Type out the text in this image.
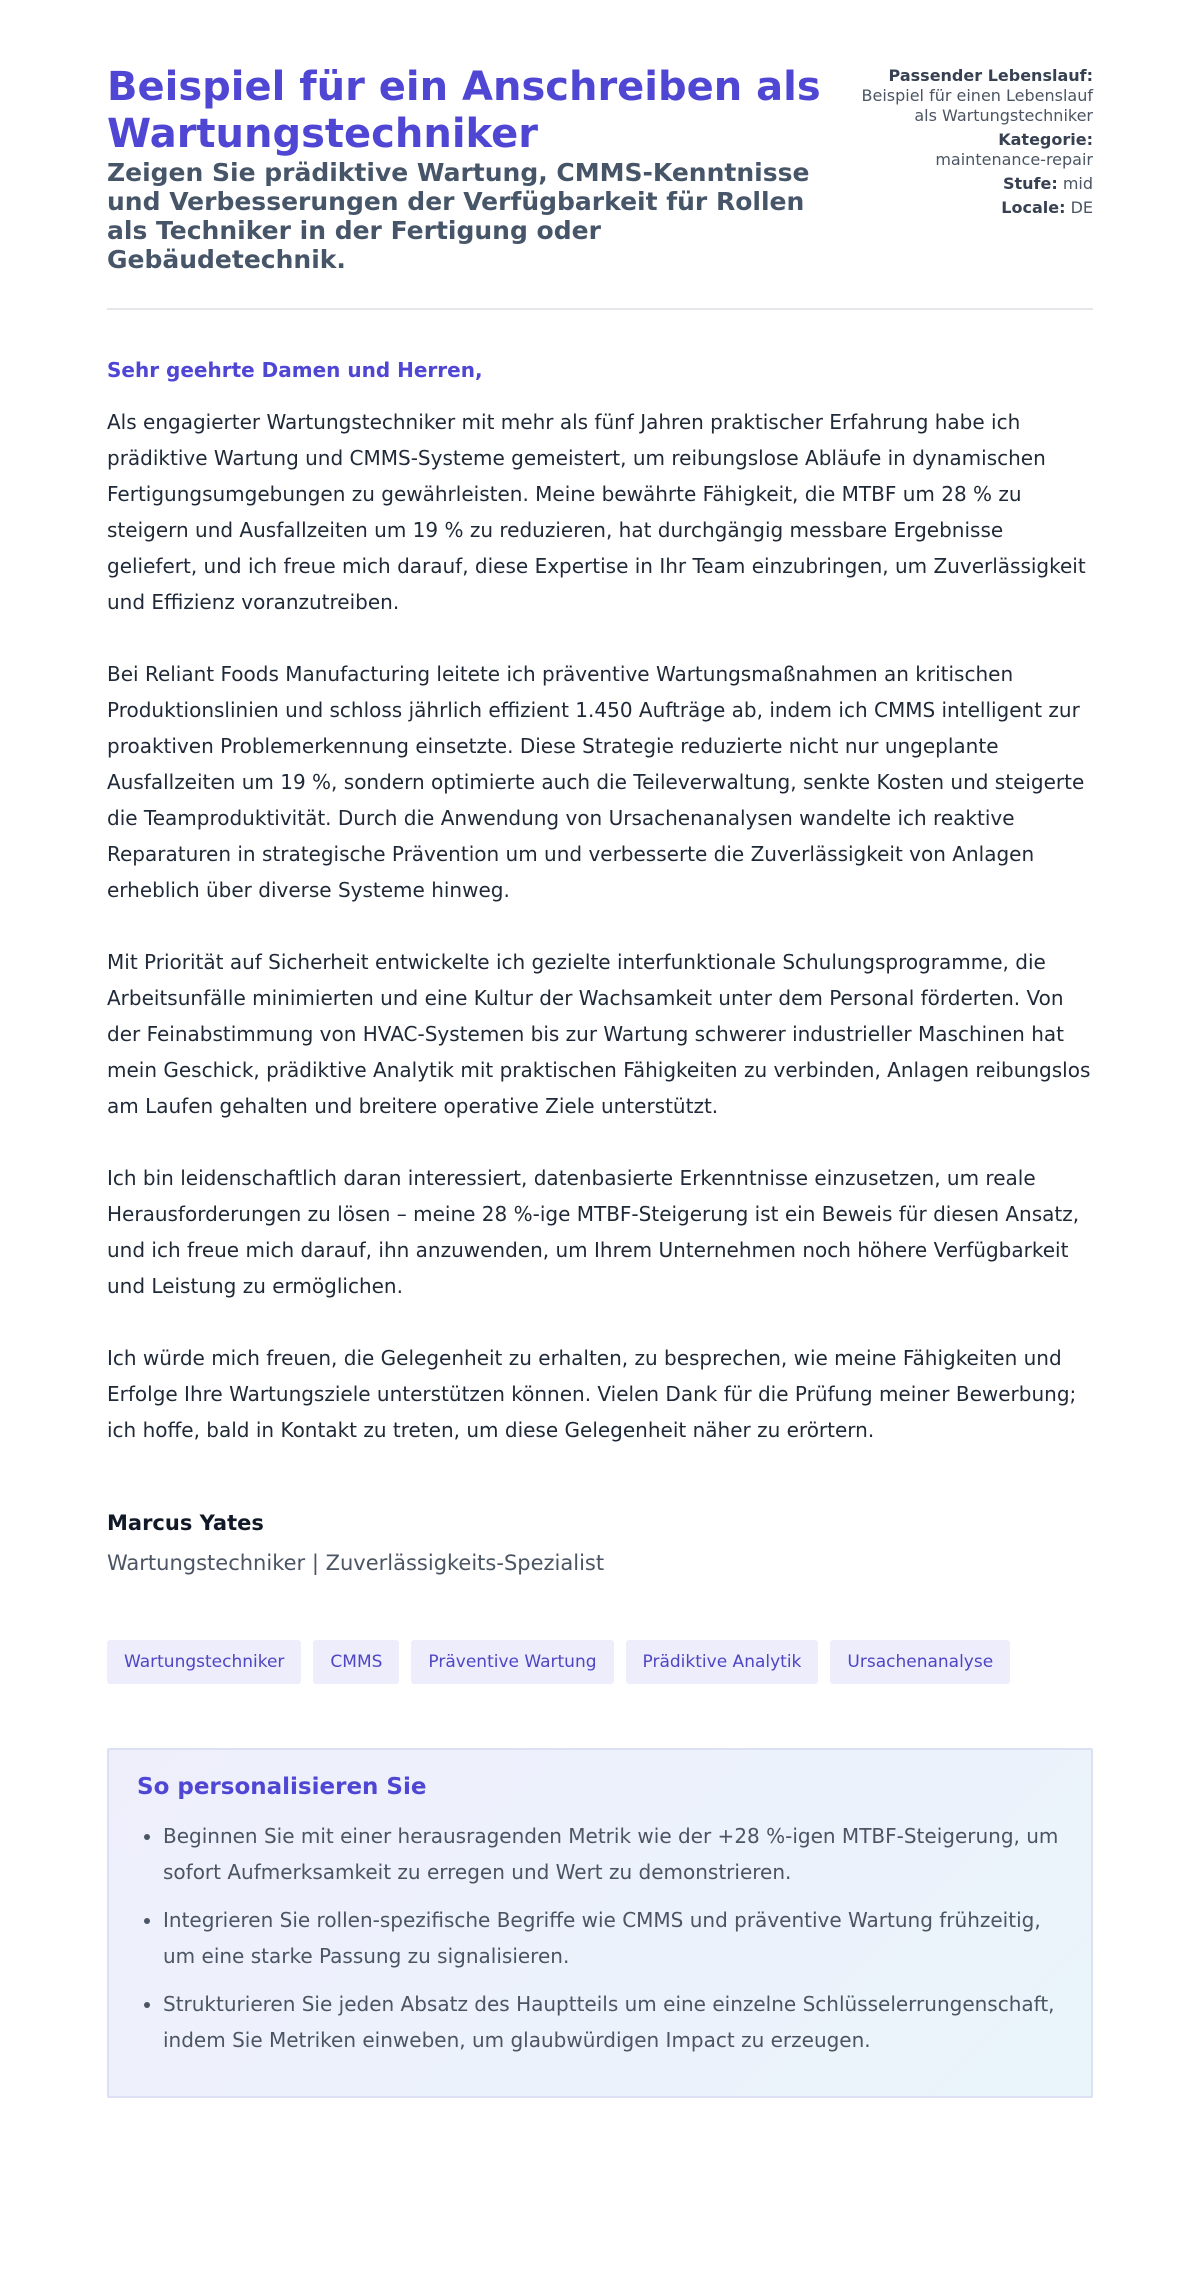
Beispiel für ein Anschreiben als Wartungstechniker
Zeigen Sie prädiktive Wartung, CMMS-Kenntnisse und Verbesserungen der Verfügbarkeit für Rollen als Techniker in der Fertigung oder Gebäudetechnik.
Passender Lebenslauf:
Beispiel für einen Lebenslauf als Wartungstechniker
Kategorie:
maintenance-repair
Stufe: mid
Locale: DE
Sehr geehrte Damen und Herren,

Als engagierter Wartungstechniker mit mehr als fünf Jahren praktischer Erfahrung habe ich prädiktive Wartung und CMMS-Systeme gemeistert, um reibungslose Abläufe in dynamischen Fertigungsumgebungen zu gewährleisten. Meine bewährte Fähigkeit, die MTBF um 28 % zu steigern und Ausfallzeiten um 19 % zu reduzieren, hat durchgängig messbare Ergebnisse geliefert, und ich freue mich darauf, diese Expertise in Ihr Team einzubringen, um Zuverlässigkeit und Effizienz voranzutreiben.

Bei Reliant Foods Manufacturing leitete ich präventive Wartungsmaßnahmen an kritischen Produktionslinien und schloss jährlich effizient 1.450 Aufträge ab, indem ich CMMS intelligent zur proaktiven Problemerkennung einsetzte. Diese Strategie reduzierte nicht nur ungeplante Ausfallzeiten um 19 %, sondern optimierte auch die Teileverwaltung, senkte Kosten und steigerte die Teamproduktivität. Durch die Anwendung von Ursachenanalysen wandelte ich reaktive Reparaturen in strategische Prävention um und verbesserte die Zuverlässigkeit von Anlagen erheblich über diverse Systeme hinweg.

Mit Priorität auf Sicherheit entwickelte ich gezielte interfunktionale Schulungsprogramme, die Arbeitsunfälle minimierten und eine Kultur der Wachsamkeit unter dem Personal förderten. Von der Feinabstimmung von HVAC-Systemen bis zur Wartung schwerer industrieller Maschinen hat mein Geschick, prädiktive Analytik mit praktischen Fähigkeiten zu verbinden, Anlagen reibungslos am Laufen gehalten und breitere operative Ziele unterstützt.

Ich bin leidenschaftlich daran interessiert, datenbasierte Erkenntnisse einzusetzen, um reale Herausforderungen zu lösen – meine 28 %-ige MTBF-Steigerung ist ein Beweis für diesen Ansatz, und ich freue mich darauf, ihn anzuwenden, um Ihrem Unternehmen noch höhere Verfügbarkeit und Leistung zu ermöglichen.

Ich würde mich freuen, die Gelegenheit zu erhalten, zu besprechen, wie meine Fähigkeiten und Erfolge Ihre Wartungsziele unterstützen können. Vielen Dank für die Prüfung meiner Bewerbung; ich hoffe, bald in Kontakt zu treten, um diese Gelegenheit näher zu erörtern.

Marcus Yates
Wartungstechniker | Zuverlässigkeits-Spezialist
Wartungstechniker	CMMS	Präventive Wartung	Prädiktive Analytik	Ursachenanalyse
So personalisieren Sie
• Beginnen Sie mit einer herausragenden Metrik wie der +28 %-igen MTBF-Steigerung, um sofort Aufmerksamkeit zu erregen und Wert zu demonstrieren.
• Integrieren Sie rollen-spezifische Begriffe wie CMMS und präventive Wartung frühzeitig, um eine starke Passung zu signalisieren.
• Strukturieren Sie jeden Absatz des Hauptteils um eine einzelne Schlüsselerrungenschaft, indem Sie Metriken einweben, um glaubwürdigen Impact zu erzeugen.
